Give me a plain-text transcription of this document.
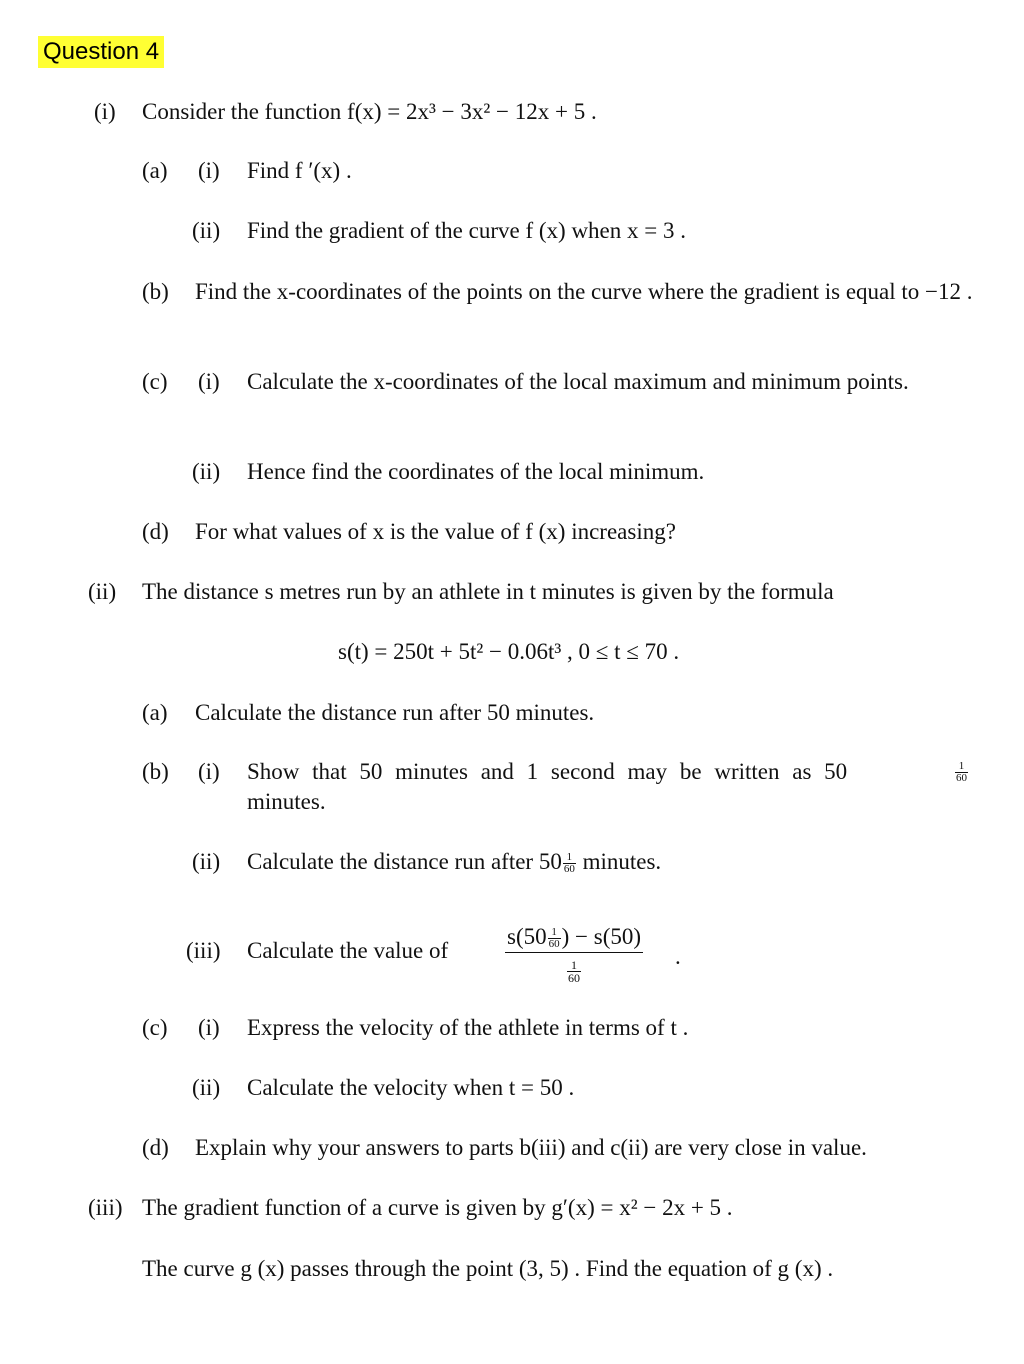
Question 4
(i) Consider the function f(x) = 2x³ − 3x² − 12x + 5 .
(a) (i) Find f ′(x) .
(ii) Find the gradient of the curve f (x) when x = 3 .
(b) Find the x-coordinates of the points on the curve where the gradient is equal to −12 .
(c) (i) Calculate the x-coordinates of the local maximum and minimum points.
(ii) Hence find the coordinates of the local minimum.
(d) For what values of x is the value of f (x) increasing?
(ii) The distance s metres run by an athlete in t minutes is given by the formula
s(t) = 250t + 5t² − 0.06t³ , 0 ≤ t ≤ 70 .
(a) Calculate the distance run after 50 minutes.
(b) (i) Show that 50 minutes and 1 second may be written as 50	$\frac{1}{60}$
minutes.
(ii) Calculate the distance run after $50 \frac{1}{60}$ minutes.
(iii) Calculate the value of $\frac{s(50 \frac{1}{60} ) - s(50)}{\frac{1}{60}}$ .
(c) (i) Express the velocity of the athlete in terms of t .
(ii) Calculate the velocity when t = 50 .
(d) Explain why your answers to parts b(iii) and c(ii) are very close in value.
(iii) The gradient function of a curve is given by g′(x) = x² − 2x + 5 .
The curve g (x) passes through the point (3, 5) . Find the equation of g (x) .
